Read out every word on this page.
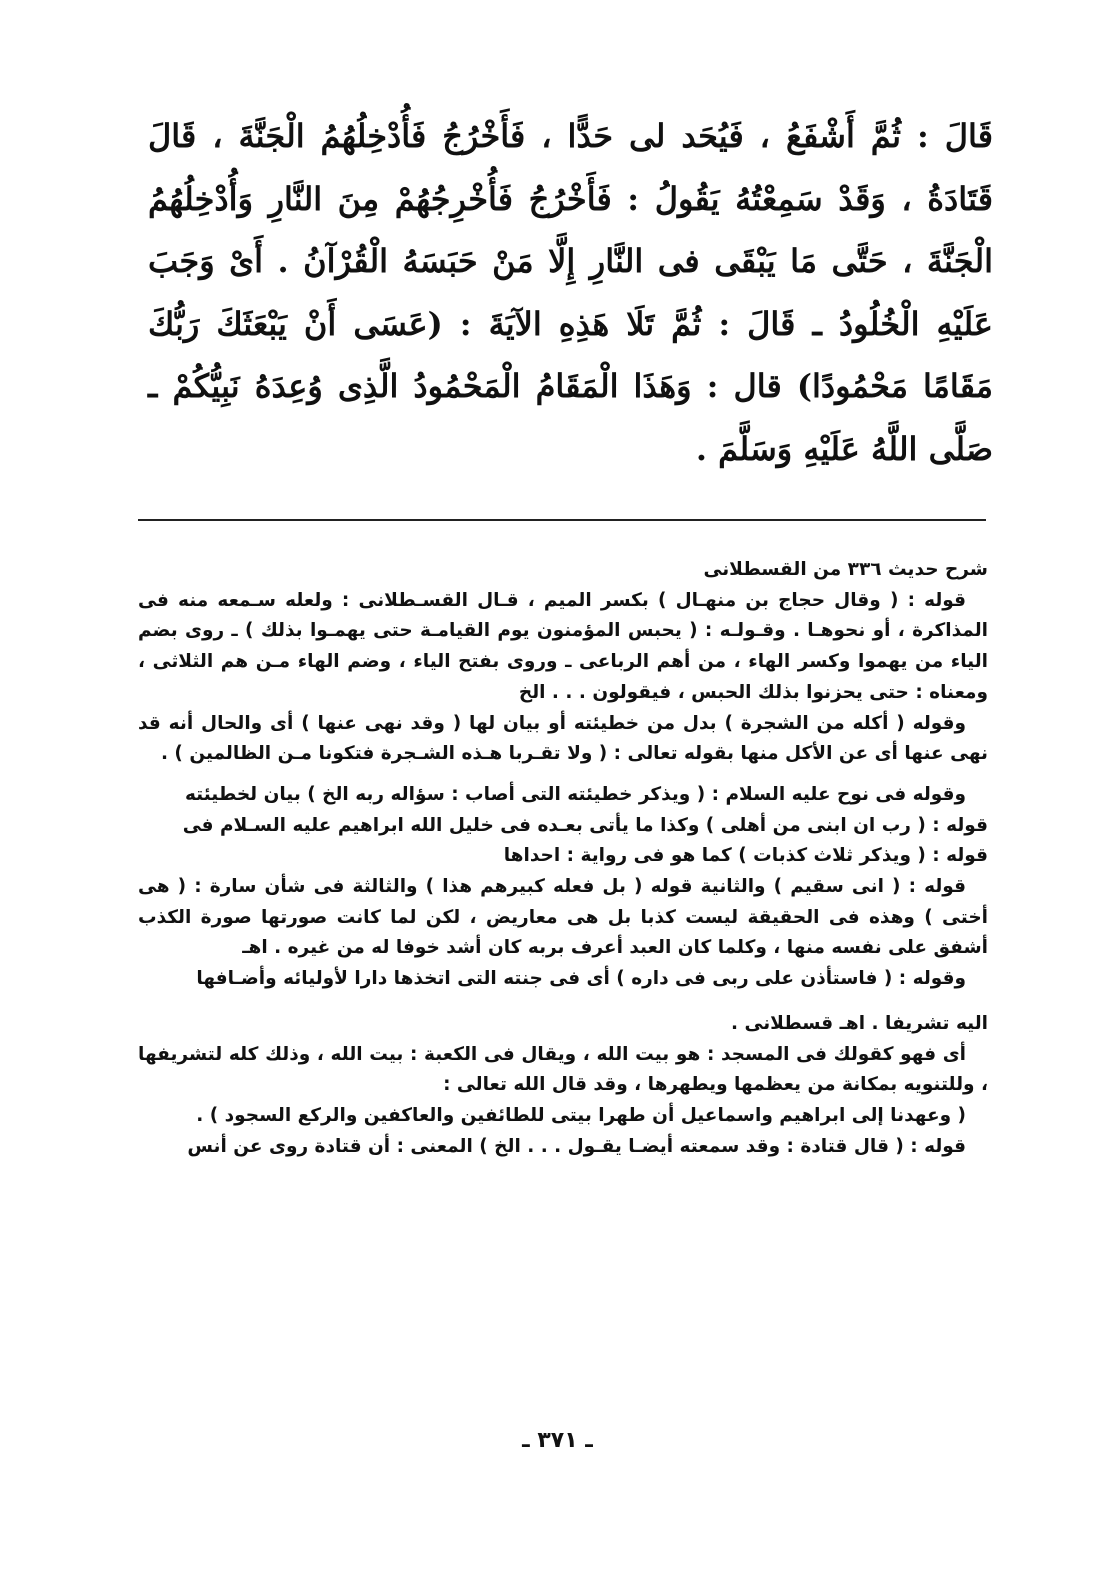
قَالَ : ثُمَّ أَشْفَعُ ، فَيُحَد لى حَدًّا ، فَأَخْرُجُ فَأُدْخِلُهُمُ الْجَنَّةَ ، قَالَ قَتَادَةُ ، وَقَدْ سَمِعْتُهُ يَقُولُ : فَأَخْرُجُ فَأُخْرِجُهُمْ مِنَ النَّارِ وَأُدْخِلُهُمُ الْجَنَّةَ ، حَتَّى مَا يَبْقَى فى النَّارِ إِلَّا مَنْ حَبَسَهُ الْقُرْآنُ . أَىْ وَجَبَ عَلَيْهِ الْخُلُودُ ـ قَالَ : ثُمَّ تَلَا هَذِهِ الآيَةَ : (عَسَى أَنْ يَبْعَثَكَ رَبُّكَ مَقَامًا مَحْمُودًا) قال : وَهَذَا الْمَقَامُ الْمَحْمُودُ الَّذِى وُعِدَهُ نَبِيُّكُمْ ـ صَلَّى اللَّهُ عَلَيْهِ وَسَلَّمَ .

شرح حديث ٣٣٦ من القسطلانى

قوله : ( وقال حجاج بن منهـال ) بكسر الميم ، قـال القسـطلانى : ولعله سـمعه منه فى المذاكرة ، أو نحوهـا . وقـولـه : ( يحبس المؤمنون يوم القيامـة حتى يهمـوا بذلك ) ـ روى بضم الياء من يهموا وكسر الهاء ، من أهم الرباعى ـ وروى بفتح الياء ، وضم الهاء مـن هم الثلاثى ، ومعناه : حتى يحزنوا بذلك الحبس ، فيقولون . . . الخ

وقوله ( أكله من الشجرة ) بدل من خطيئته أو بيان لها ( وقد نهى عنها ) أى والحال أنه قد نهى عنها أى عن الأكل منها بقوله تعالى : ( ولا تقـربا هـذه الشـجرة فتكونا مـن الظالمين ) .

وقوله فى نوح عليه السلام : ( ويذكر خطيئته التى أصاب : سؤاله ربه الخ ) بيان لخطيئته

قوله : ( رب ان ابنى من أهلى ) وكذا ما يأتى بعـده فى خليل الله ابراهيم عليه السـلام فى

قوله : ( ويذكر ثلاث كذبات ) كما هو فى رواية : احداها

قوله : ( انى سقيم ) والثانية قوله ( بل فعله كبيرهم هذا ) والثالثة فى شأن سارة : ( هى أختى ) وهذه فى الحقيقة ليست كذبا بل هى معاريض ، لكن لما كانت صورتها صورة الكذب أشفق على نفسه منها ، وكلما كان العبد أعرف بربه كان أشد خوفا له من غيره . اهـ

وقوله : ( فاستأذن على ربى فى داره ) أى فى جنته التى اتخذها دارا لأوليائه وأضـافها

اليه تشريفا . اهـ قسطلانى .

أى فهو كقولك فى المسجد : هو بيت الله ، ويقال فى الكعبة : بيت الله ، وذلك كله لتشريفها ، وللتنويه بمكانة من يعظمها ويطهرها ، وقد قال الله تعالى :

( وعهدنا إلى ابراهيم واسماعيل أن طهرا بيتى للطائفين والعاكفين والركع السجود ) .

قوله : ( قال قتادة : وقد سمعته أيضـا يقـول . . . الخ ) المعنى : أن قتادة روى عن أنس

ـ ٣٧١ ـ
